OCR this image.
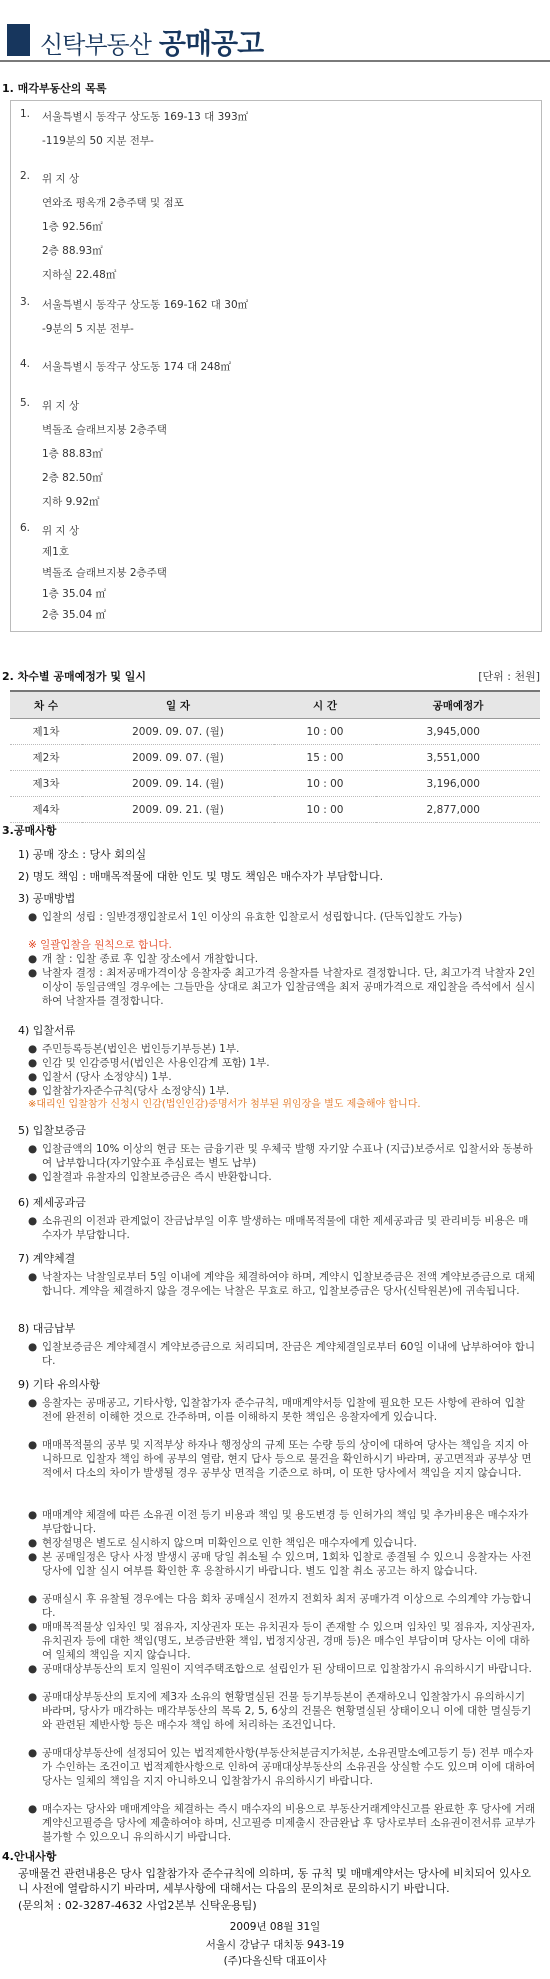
신탁부동산 공매공고
1. 매각부동산의 목록
1.	서울특별시 동작구 상도동 169-13 대 393㎡
-119분의 50 지분 전부-
2.	위 지 상
연와조 평옥개 2층주택 및 점포
1층 92.56㎡
2층 88.93㎡
지하실 22.48㎡
3.	서울특별시 동작구 상도동 169-162 대 30㎡
-9분의 5 지분 전부-
4.	서울특별시 동작구 상도동 174 대 248㎡
5.	위 지 상
벽돌조 슬래브지붕 2층주택
1층 88.83㎡
2층 82.50㎡
지하 9.92㎡
6.	위 지 상
제1호
벽돌조 슬래브지붕 2층주택
1층 35.04 ㎡
2층 35.04 ㎡
2. 차수별 공매예정가 및 일시	[단위 : 천원]
차 수	일 자	시 간	공매예정가
제1차	2009. 09. 07. (월)	10 : 00	3,945,000
제2차	2009. 09. 07. (월)	15 : 00	3,551,000
제3차	2009. 09. 14. (월)	10 : 00	3,196,000
제4차	2009. 09. 21. (월)	10 : 00	2,877,000
3.공매사항
1) 공매 장소 : 당사 회의실
2) 명도 책임 : 매매목적물에 대한 인도 및 명도 책임은 매수자가 부담합니다.
3) 공매방법
● 입찰의 성립 : 일반경쟁입찰로서 1인 이상의 유효한 입찰로서 성립합니다. (단독입찰도 가능)
※ 일괄입찰을 원칙으로 합니다.
● 개 찰 : 입찰 종료 후 입찰 장소에서 개찰합니다.
● 낙찰자 결정 : 최저공매가격이상 응찰자중 최고가격 응찰자를 낙찰자로 결정합니다. 단, 최고가격 낙찰자 2인 이상이 동일금액일 경우에는 그들만을 상대로 최고가 입찰금액을 최저 공매가격으로 재입찰을 즉석에서 실시하여 낙찰자를 결정합니다.
4) 입찰서류
● 주민등록등본(법인은 법인등기부등본) 1부.
● 인감 및 인감증명서(법인은 사용인감계 포함) 1부.
● 입찰서 (당사 소정양식) 1부.
● 입찰참가자준수규칙(당사 소정양식) 1부.
※대리인 입찰참가 신청시 인감(법인인감)증명서가 첨부된 위임장을 별도 제출해야 합니다.
5) 입찰보증금
● 입찰금액의 10% 이상의 현금 또는 금융기관 및 우체국 발행 자기앞 수표나 (지급)보증서로 입찰서와 동봉하여 납부합니다(자기앞수표 추심료는 별도 납부)
● 입찰결과 유찰자의 입찰보증금은 즉시 반환합니다.
6) 제세공과금
● 소유권의 이전과 관계없이 잔금납부일 이후 발생하는 매매목적물에 대한 제세공과금 및 관리비등 비용은 매수자가 부담합니다.
7) 계약체결
● 낙찰자는 낙찰일로부터 5일 이내에 계약을 체결하여야 하며, 계약시 입찰보증금은 전액 계약보증금으로 대체합니다. 계약을 체결하지 않을 경우에는 낙찰은 무효로 하고, 입찰보증금은 당사(신탁원본)에 귀속됩니다.
8) 대금납부
● 입찰보증금은 계약체결시 계약보증금으로 처리되며, 잔금은 계약체결일로부터 60일 이내에 납부하여야 합니다.
9) 기타 유의사항
● 응찰자는 공매공고, 기타사항, 입찰참가자 준수규칙, 매매계약서등 입찰에 필요한 모든 사항에 관하여 입찰 전에 완전히 이해한 것으로 간주하며, 이를 이해하지 못한 책임은 응찰자에게 있습니다.
● 매매목적물의 공부 및 지적부상 하자나 행정상의 규제 또는 수량 등의 상이에 대하여 당사는 책임을 지지 아니하므로 입찰자 책임 하에 공부의 열람, 현지 답사 등으로 물건을 확인하시기 바라며, 공고면적과 공부상 면적에서 다소의 차이가 발생될 경우 공부상 면적을 기준으로 하며, 이 또한 당사에서 책임을 지지 않습니다.
● 매매계약 체결에 따른 소유권 이전 등기 비용과 책임 및 용도변경 등 인허가의 책임 및 추가비용은 매수자가 부담합니다.
● 현장설명은 별도로 실시하지 않으며 미확인으로 인한 책임은 매수자에게 있습니다.
● 본 공매일정은 당사 사정 발생시 공매 당일 취소될 수 있으며, 1회차 입찰로 종결될 수 있으니 응찰자는 사전 당사에 입찰 실시 여부를 확인한 후 응찰하시기 바랍니다. 별도 입찰 취소 공고는 하지 않습니다.
● 공매실시 후 유찰될 경우에는 다음 회차 공매실시 전까지 전회차 최저 공매가격 이상으로 수의계약 가능합니다.
● 매매목적물상 임차인 및 점유자, 지상권자 또는 유치권자 등이 존재할 수 있으며 임차인 및 점유자, 지상권자, 유치권자 등에 대한 책임(명도, 보증금반환 책임, 법정지상권, 경매 등)은 매수인 부담이며 당사는 이에 대하여 일체의 책임을 지지 않습니다.
● 공매대상부동산의 토지 일원이 지역주택조합으로 설립인가 된 상태이므로 입찰참가시 유의하시기 바랍니다.
● 공매대상부동산의 토지에 제3자 소유의 현황멸실된 건물 등기부등본이 존재하오니 입찰참가시 유의하시기 바라며, 당사가 매각하는 매각부동산의 목록 2, 5, 6상의 건물은 현황멸실된 상태이오니 이에 대한 멸실등기와 관련된 제반사항 등은 매수자 책임 하에 처리하는 조건입니다.
● 공매대상부동산에 설정되어 있는 법적제한사항(부동산처분금지가처분, 소유권말소예고등기 등) 전부 매수자가 수인하는 조건이고 법적제한사항으로 인하여 공매대상부동산의 소유권을 상실할 수도 있으며 이에 대하여 당사는 일체의 책임을 지지 아니하오니 입찰참가시 유의하시기 바랍니다.
● 매수자는 당사와 매매계약을 체결하는 즉시 매수자의 비용으로 부동산거래계약신고를 완료한 후 당사에 거래계약신고필증을 당사에 제출하여야 하며, 신고필증 미제출시 잔금완납 후 당사로부터 소유권이전서류 교부가 불가할 수 있으오니 유의하시기 바랍니다.
4.안내사항
공매물건 관련내용은 당사 입찰참가자 준수규칙에 의하며, 동 규칙 및 매매계약서는 당사에 비치되어 있사오니 사전에 열람하시기 바라며, 세부사항에 대해서는 다음의 문의처로 문의하시기 바랍니다.
(문의처 : 02-3287-4632 사업2본부 신탁운용팀)
2009년 08월 31일
서울시 강남구 대치동 943-19
(주)다올신탁 대표이사
